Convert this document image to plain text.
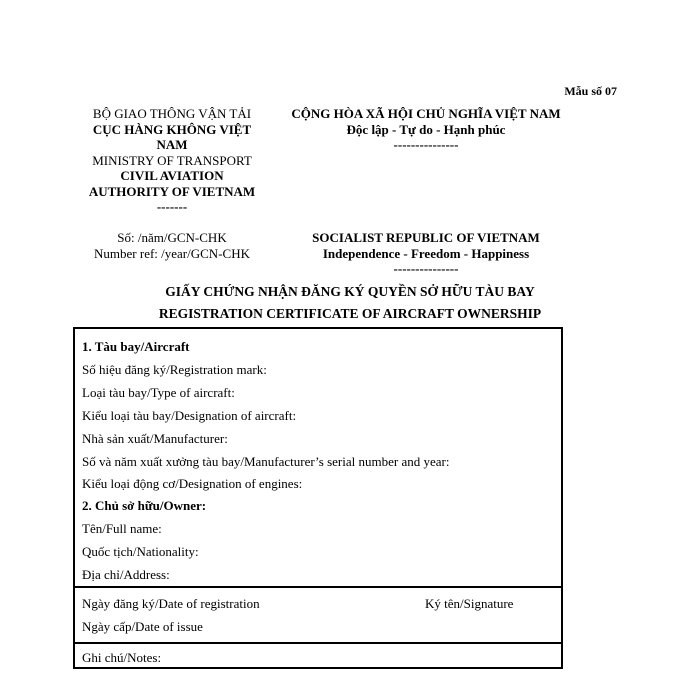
Mẫu số 07
BỘ GIAO THÔNG VẬN TẢI
CỤC HÀNG KHÔNG VIỆT
NAM
MINISTRY OF TRANSPORT
CIVIL AVIATION
AUTHORITY OF VIETNAM
-------
CỘNG HÒA XÃ HỘI CHỦ NGHĨA VIỆT NAM
Độc lập - Tự do - Hạnh phúc
---------------
Số: /năm/GCN-CHK
Number ref: /year/GCN-CHK
SOCIALIST REPUBLIC OF VIETNAM
Independence - Freedom - Happiness
---------------
GIẤY CHỨNG NHẬN ĐĂNG KÝ QUYỀN SỞ HỮU TÀU BAY
REGISTRATION CERTIFICATE OF AIRCRAFT OWNERSHIP
1. Tàu bay/Aircraft
Số hiệu đăng ký/Registration mark:
Loại tàu bay/Type of aircraft:
Kiểu loại tàu bay/Designation of aircraft:
Nhà sản xuất/Manufacturer:
Số và năm xuất xưởng tàu bay/Manufacturer’s serial number and year:
Kiểu loại động cơ/Designation of engines:
2. Chủ sở hữu/Owner:
Tên/Full name:
Quốc tịch/Nationality:
Địa chỉ/Address:
Ngày đăng ký/Date of registration	Ký tên/Signature
Ngày cấp/Date of issue
Ghi chú/Notes:
